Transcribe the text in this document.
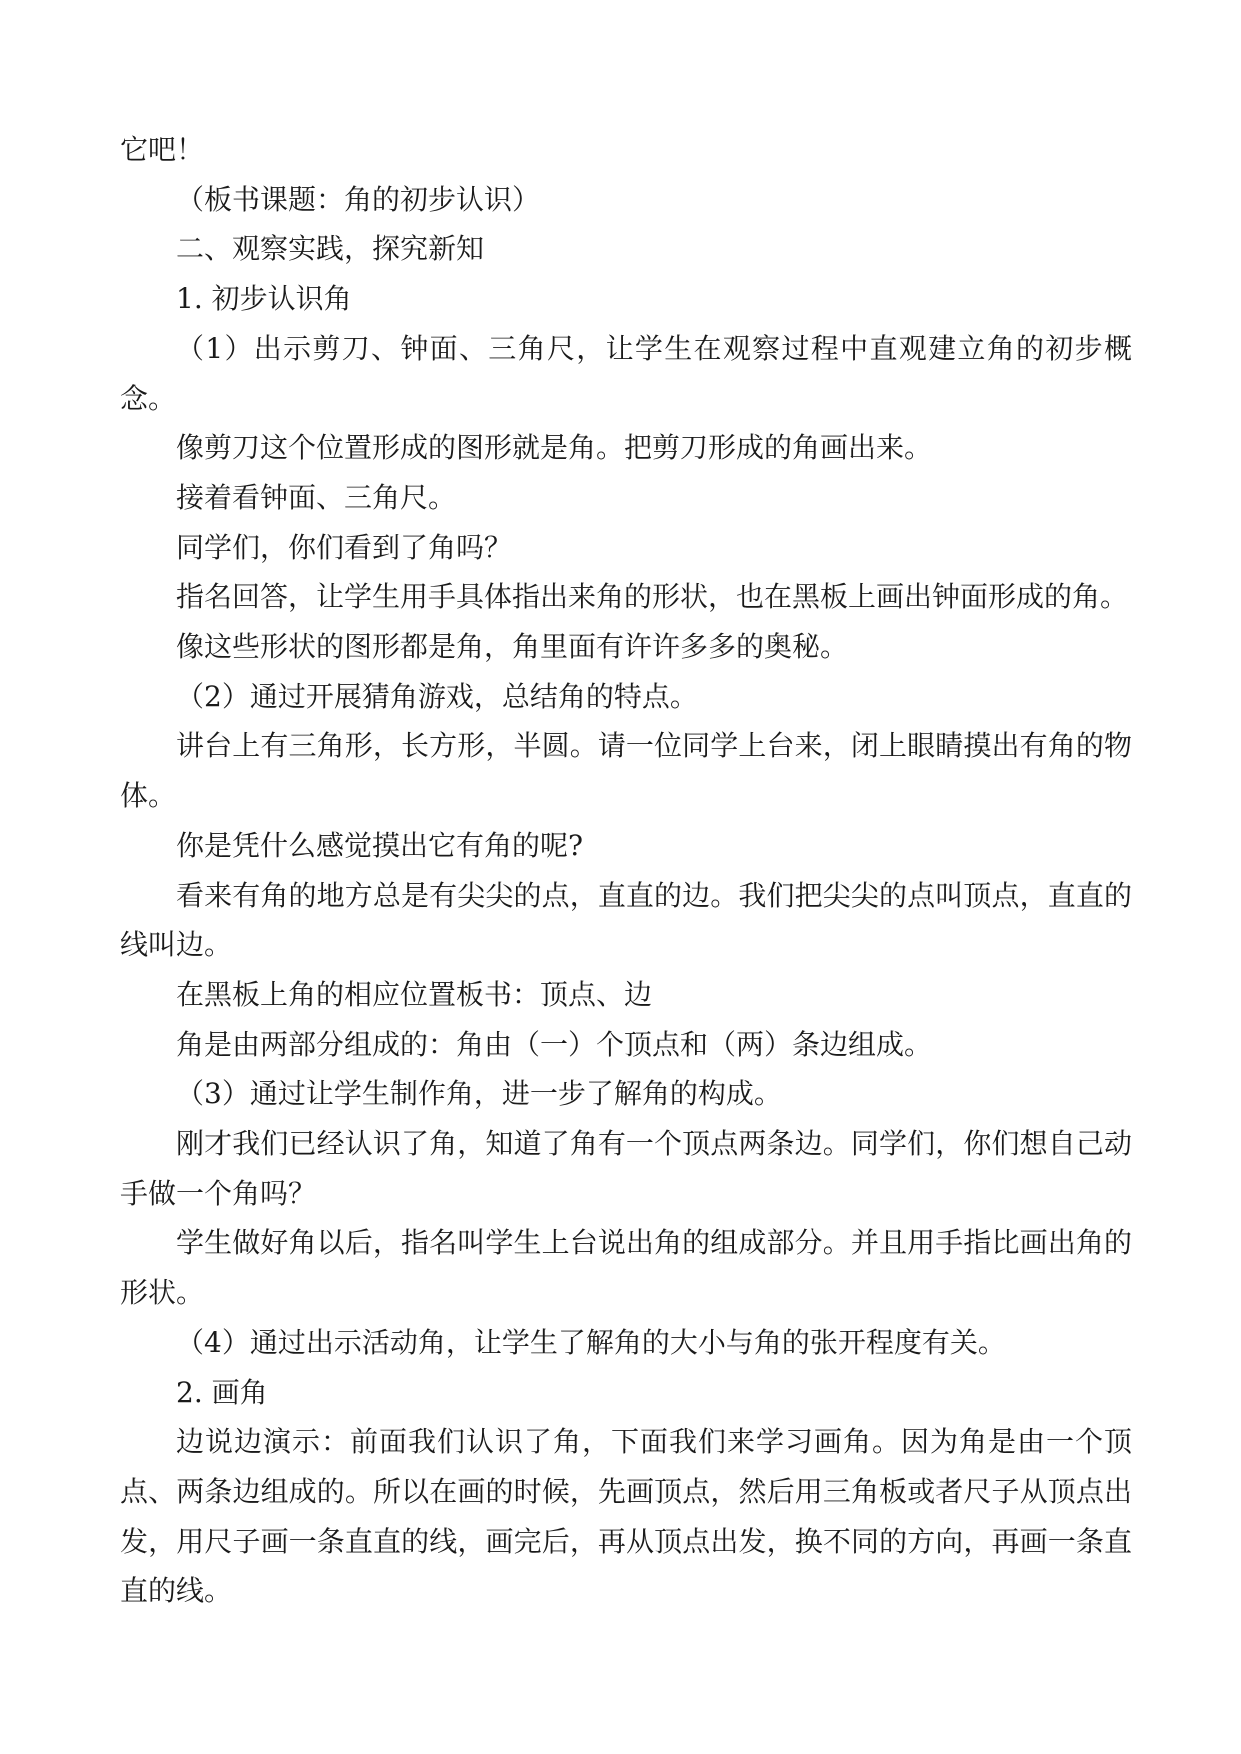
它吧！

（板书课题：角的初步认识）

二、观察实践，探究新知

1. 初步认识角

（1）出示剪刀、钟面、三角尺，让学生在观察过程中直观建立角的初步概念。

像剪刀这个位置形成的图形就是角。把剪刀形成的角画出来。

接着看钟面、三角尺。

同学们，你们看到了角吗？

指名回答，让学生用手具体指出来角的形状，也在黑板上画出钟面形成的角。

像这些形状的图形都是角，角里面有许许多多的奥秘。

（2）通过开展猜角游戏，总结角的特点。

讲台上有三角形，长方形，半圆。请一位同学上台来，闭上眼睛摸出有角的物体。

你是凭什么感觉摸出它有角的呢?

看来有角的地方总是有尖尖的点，直直的边。我们把尖尖的点叫顶点，直直的线叫边。

在黑板上角的相应位置板书：顶点、边

角是由两部分组成的：角由（一）个顶点和（两）条边组成。

（3）通过让学生制作角，进一步了解角的构成。

刚才我们已经认识了角，知道了角有一个顶点两条边。同学们，你们想自己动手做一个角吗？

学生做好角以后，指名叫学生上台说出角的组成部分。并且用手指比画出角的形状。

（4）通过出示活动角，让学生了解角的大小与角的张开程度有关。

2. 画角

边说边演示：前面我们认识了角，下面我们来学习画角。因为角是由一个顶点、两条边组成的。所以在画的时候，先画顶点，然后用三角板或者尺子从顶点出发，用尺子画一条直直的线，画完后，再从顶点出发，换不同的方向，再画一条直直的线。
